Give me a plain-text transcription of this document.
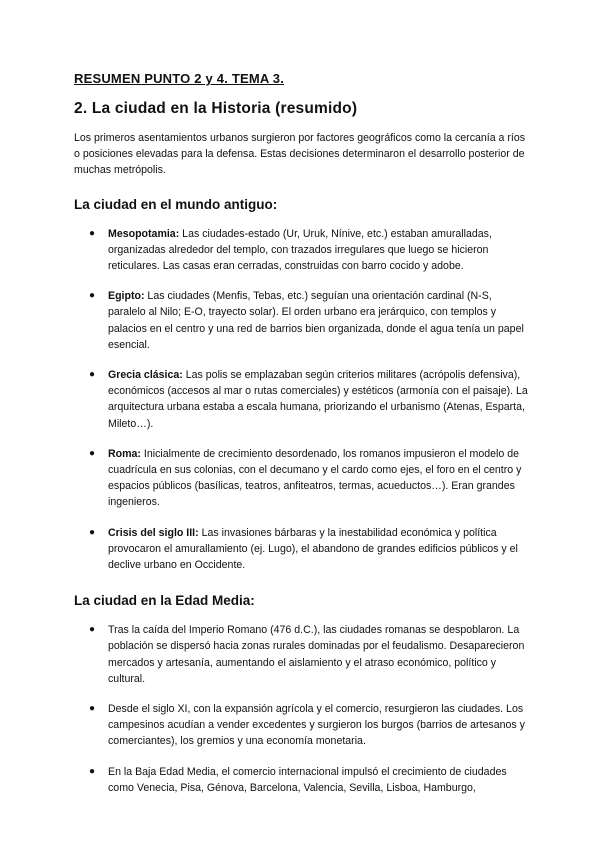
RESUMEN PUNTO 2 y 4. TEMA 3.
2. La ciudad en la Historia (resumido)

Los primeros asentamientos urbanos surgieron por factores geográficos como la cercanía a ríos o posiciones elevadas para la defensa. Estas decisiones determinaron el desarrollo posterior de muchas metrópolis.

La ciudad en el mundo antiguo:
● Mesopotamia: Las ciudades-estado (Ur, Uruk, Nínive, etc.) estaban amuralladas, organizadas alrededor del templo, con trazados irregulares que luego se hicieron reticulares. Las casas eran cerradas, construidas con barro cocido y adobe.
● Egipto: Las ciudades (Menfis, Tebas, etc.) seguían una orientación cardinal (N-S, paralelo al Nilo; E-O, trayecto solar). El orden urbano era jerárquico, con templos y palacios en el centro y una red de barrios bien organizada, donde el agua tenía un papel esencial.
● Grecia clásica: Las polis se emplazaban según criterios militares (acrópolis defensiva), económicos (accesos al mar o rutas comerciales) y estéticos (armonía con el paisaje). La arquitectura urbana estaba a escala humana, priorizando el urbanismo (Atenas, Esparta, Mileto…).
● Roma: Inicialmente de crecimiento desordenado, los romanos impusieron el modelo de cuadrícula en sus colonias, con el decumano y el cardo como ejes, el foro en el centro y espacios públicos (basílicas, teatros, anfiteatros, termas, acueductos…). Eran grandes ingenieros.
● Crisis del siglo III: Las invasiones bárbaras y la inestabilidad económica y política provocaron el amurallamiento (ej. Lugo), el abandono de grandes edificios públicos y el declive urbano en Occidente.
La ciudad en la Edad Media:
● Tras la caída del Imperio Romano (476 d.C.), las ciudades romanas se despoblaron. La población se dispersó hacia zonas rurales dominadas por el feudalismo. Desaparecieron mercados y artesanía, aumentando el aislamiento y el atraso económico, político y cultural.
● Desde el siglo XI, con la expansión agrícola y el comercio, resurgieron las ciudades. Los campesinos acudían a vender excedentes y surgieron los burgos (barrios de artesanos y comerciantes), los gremios y una economía monetaria.
● En la Baja Edad Media, el comercio internacional impulsó el crecimiento de ciudades como Venecia, Pisa, Génova, Barcelona, Valencia, Sevilla, Lisboa, Hamburgo,
